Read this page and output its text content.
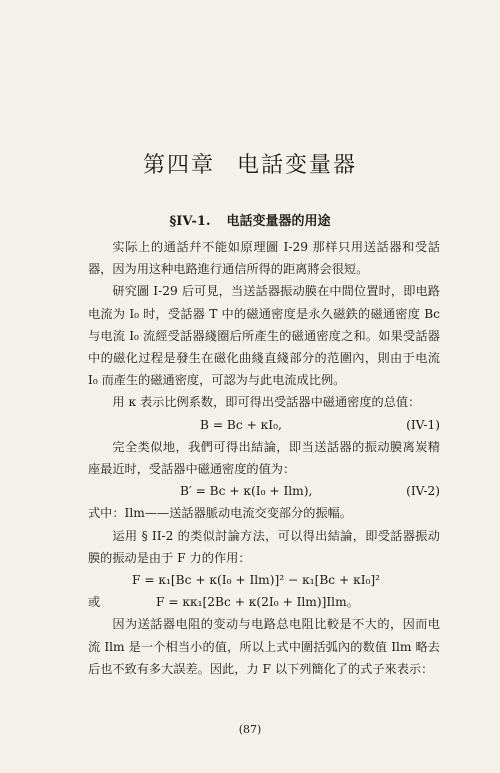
第四章 电話变量器
§IV-1. 电話变量器的用途

实际上的通話幷不能如原理圖 I-29 那样只用送話器和受話器，因为用这种电路進行通信所得的距离將会很短。

研究圖 I-29 后可見，当送話器振动膜在中間位置时，即电路电流为 I₀ 时，受話器 T 中的磁通密度是永久磁鉄的磁通密度 Bc 与电流 I₀ 流經受話器綫圈后所產生的磁通密度之和。如果受話器中的磁化过程是發生在磁化曲綫直綫部分的范圍內，則由于电流 I₀ 而產生的磁通密度，可認为与此电流成比例。

用 κ 表示比例系数，即可得出受話器中磁通密度的总值：

B = Bc + κI₀,	(IV-1)

完全类似地，我們可得出結論，即当送話器的振动膜离炭精座最近时，受話器中磁通密度的值为：

B′ = Bc + κ(I₀ + Ilm),	(IV-2)

式中：Ilm——送話器脈动电流交变部分的振幅。

运用 § II-2 的类似討論方法，可以得出結論，即受話器振动膜的振动是由于 F 力的作用：

F = κ₁[Bc + κ(I₀ + Ilm)]² − κ₁[Bc + κI₀]²
或	F = κκ₁[2Bc + κ(2I₀ + Ilm)]Ilm。

因为送話器电阻的变动与电路总电阻比較是不大的，因而电流 Ilm 是一个相当小的值，所以上式中圍括弧內的数值 Ilm 略去后也不致有多大誤差。因此，力 F 以下列簡化了的式子來表示：

(87)
